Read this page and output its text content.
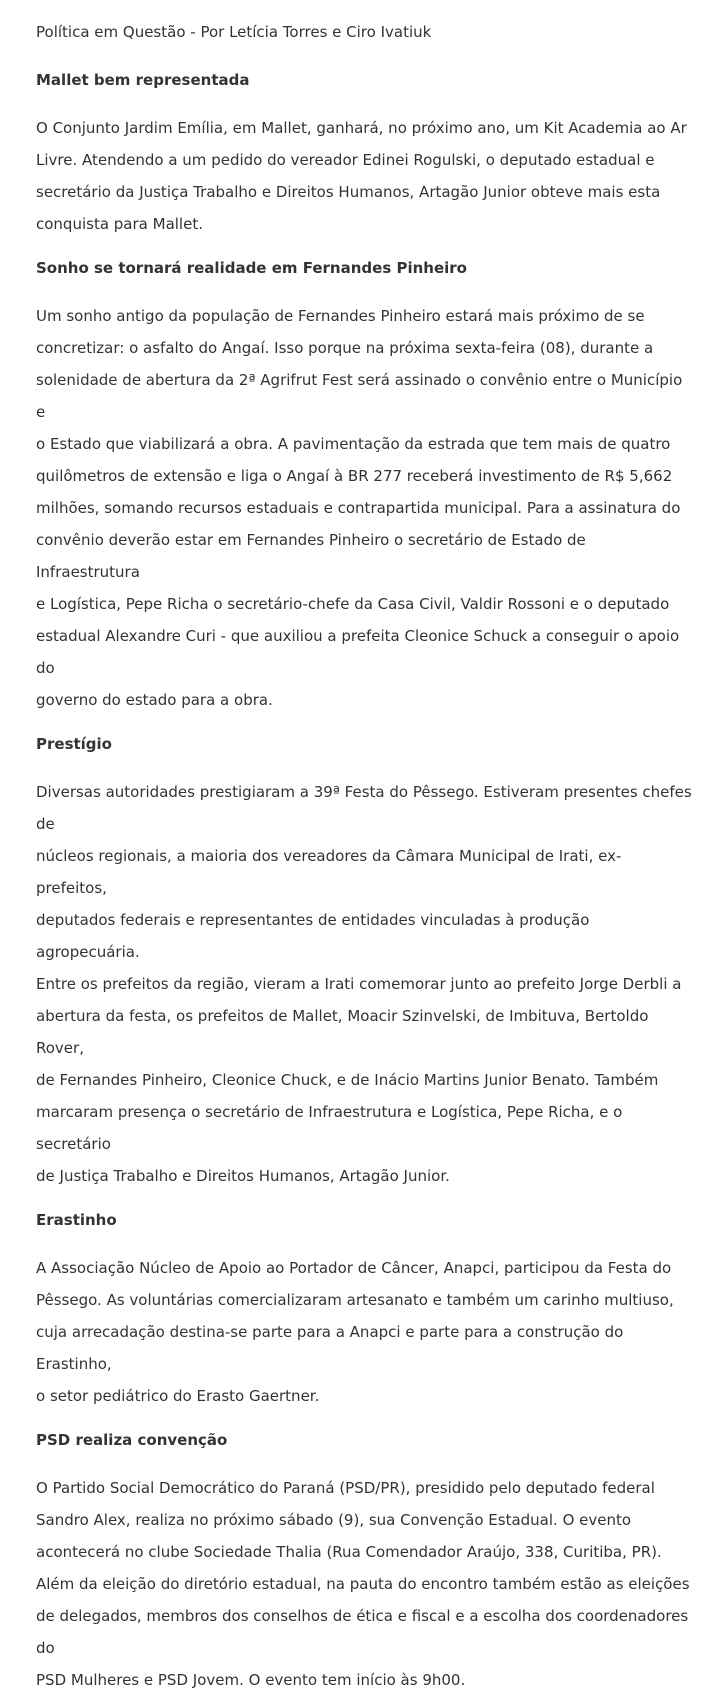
Política em Questão - Por Letícia Torres e Ciro Ivatiuk
Mallet bem representada
O Conjunto Jardim Emília, em Mallet, ganhará, no próximo ano, um Kit Academia ao Ar
Livre. Atendendo a um pedido do vereador Edinei Rogulski, o deputado estadual e
secretário da Justiça Trabalho e Direitos Humanos, Artagão Junior obteve mais esta
conquista para Mallet.
Sonho se tornará realidade em Fernandes Pinheiro
Um sonho antigo da população de Fernandes Pinheiro estará mais próximo de se
concretizar: o asfalto do Angaí. Isso porque na próxima sexta-feira (08), durante a
solenidade de abertura da 2ª Agrifrut Fest será assinado o convênio entre o Município e
o Estado que viabilizará a obra. A pavimentação da estrada que tem mais de quatro
quilômetros de extensão e liga o Angaí à BR 277 receberá investimento de R$ 5,662
milhões, somando recursos estaduais e contrapartida municipal. Para a assinatura do
convênio deverão estar em Fernandes Pinheiro o secretário de Estado de Infraestrutura
e Logística, Pepe Richa o secretário-chefe da Casa Civil, Valdir Rossoni e o deputado
estadual Alexandre Curi - que auxiliou a prefeita Cleonice Schuck a conseguir o apoio do
governo do estado para a obra.
Prestígio
Diversas autoridades prestigiaram a 39ª Festa do Pêssego. Estiveram presentes chefes de
núcleos regionais, a maioria dos vereadores da Câmara Municipal de Irati, ex-prefeitos,
deputados federais e representantes de entidades vinculadas à produção agropecuária.
Entre os prefeitos da região, vieram a Irati comemorar junto ao prefeito Jorge Derbli a
abertura da festa, os prefeitos de Mallet, Moacir Szinvelski, de Imbituva, Bertoldo Rover,
de Fernandes Pinheiro, Cleonice Chuck, e de Inácio Martins Junior Benato. Também
marcaram presença o secretário de Infraestrutura e Logística, Pepe Richa, e o secretário
de Justiça Trabalho e Direitos Humanos, Artagão Junior.
Erastinho
A Associação Núcleo de Apoio ao Portador de Câncer, Anapci, participou da Festa do
Pêssego. As voluntárias comercializaram artesanato e também um carinho multiuso,
cuja arrecadação destina-se parte para a Anapci e parte para a construção do Erastinho,
o setor pediátrico do Erasto Gaertner.
PSD realiza convenção
O Partido Social Democrático do Paraná (PSD/PR), presidido pelo deputado federal
Sandro Alex, realiza no próximo sábado (9), sua Convenção Estadual. O evento
acontecerá no clube Sociedade Thalia (Rua Comendador Araújo, 338, Curitiba, PR).
Além da eleição do diretório estadual, na pauta do encontro também estão as eleições
de delegados, membros dos conselhos de ética e fiscal e a escolha dos coordenadores do
PSD Mulheres e PSD Jovem. O evento tem início às 9h00.
